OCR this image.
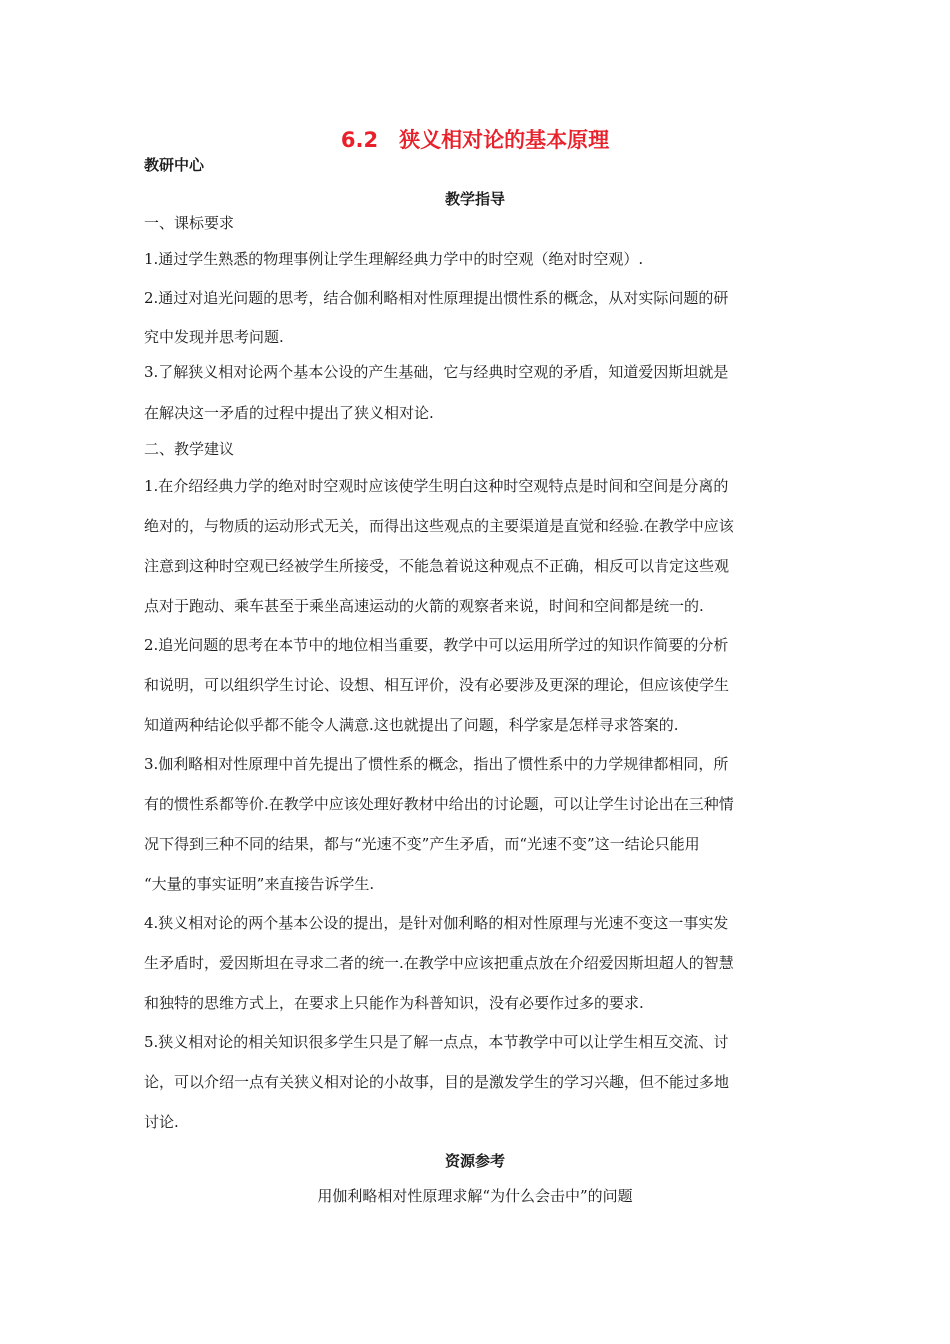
6.2　狭义相对论的基本原理
教研中心
教学指导
一、课标要求
1.通过学生熟悉的物理事例让学生理解经典力学中的时空观（绝对时空观）.
2.通过对追光问题的思考，结合伽利略相对性原理提出惯性系的概念，从对实际问题的研
究中发现并思考问题.
3.了解狭义相对论两个基本公设的产生基础，它与经典时空观的矛盾，知道爱因斯坦就是
在解决这一矛盾的过程中提出了狭义相对论.
二、教学建议
1.在介绍经典力学的绝对时空观时应该使学生明白这种时空观特点是时间和空间是分离的
绝对的，与物质的运动形式无关，而得出这些观点的主要渠道是直觉和经验.在教学中应该
注意到这种时空观已经被学生所接受，不能急着说这种观点不正确，相反可以肯定这些观
点对于跑动、乘车甚至于乘坐高速运动的火箭的观察者来说，时间和空间都是统一的.
2.追光问题的思考在本节中的地位相当重要，教学中可以运用所学过的知识作简要的分析
和说明，可以组织学生讨论、设想、相互评价，没有必要涉及更深的理论，但应该使学生
知道两种结论似乎都不能令人满意.这也就提出了问题，科学家是怎样寻求答案的.
3.伽利略相对性原理中首先提出了惯性系的概念，指出了惯性系中的力学规律都相同，所
有的惯性系都等价.在教学中应该处理好教材中给出的讨论题，可以让学生讨论出在三种情
况下得到三种不同的结果，都与“光速不变”产生矛盾，而“光速不变”这一结论只能用
“大量的事实证明”来直接告诉学生.
4.狭义相对论的两个基本公设的提出，是针对伽利略的相对性原理与光速不变这一事实发
生矛盾时，爱因斯坦在寻求二者的统一.在教学中应该把重点放在介绍爱因斯坦超人的智慧
和独特的思维方式上，在要求上只能作为科普知识，没有必要作过多的要求.
5.狭义相对论的相关知识很多学生只是了解一点点，本节教学中可以让学生相互交流、讨
论，可以介绍一点有关狭义相对论的小故事，目的是激发学生的学习兴趣，但不能过多地
讨论.
资源参考
用伽利略相对性原理求解“为什么会击中”的问题
